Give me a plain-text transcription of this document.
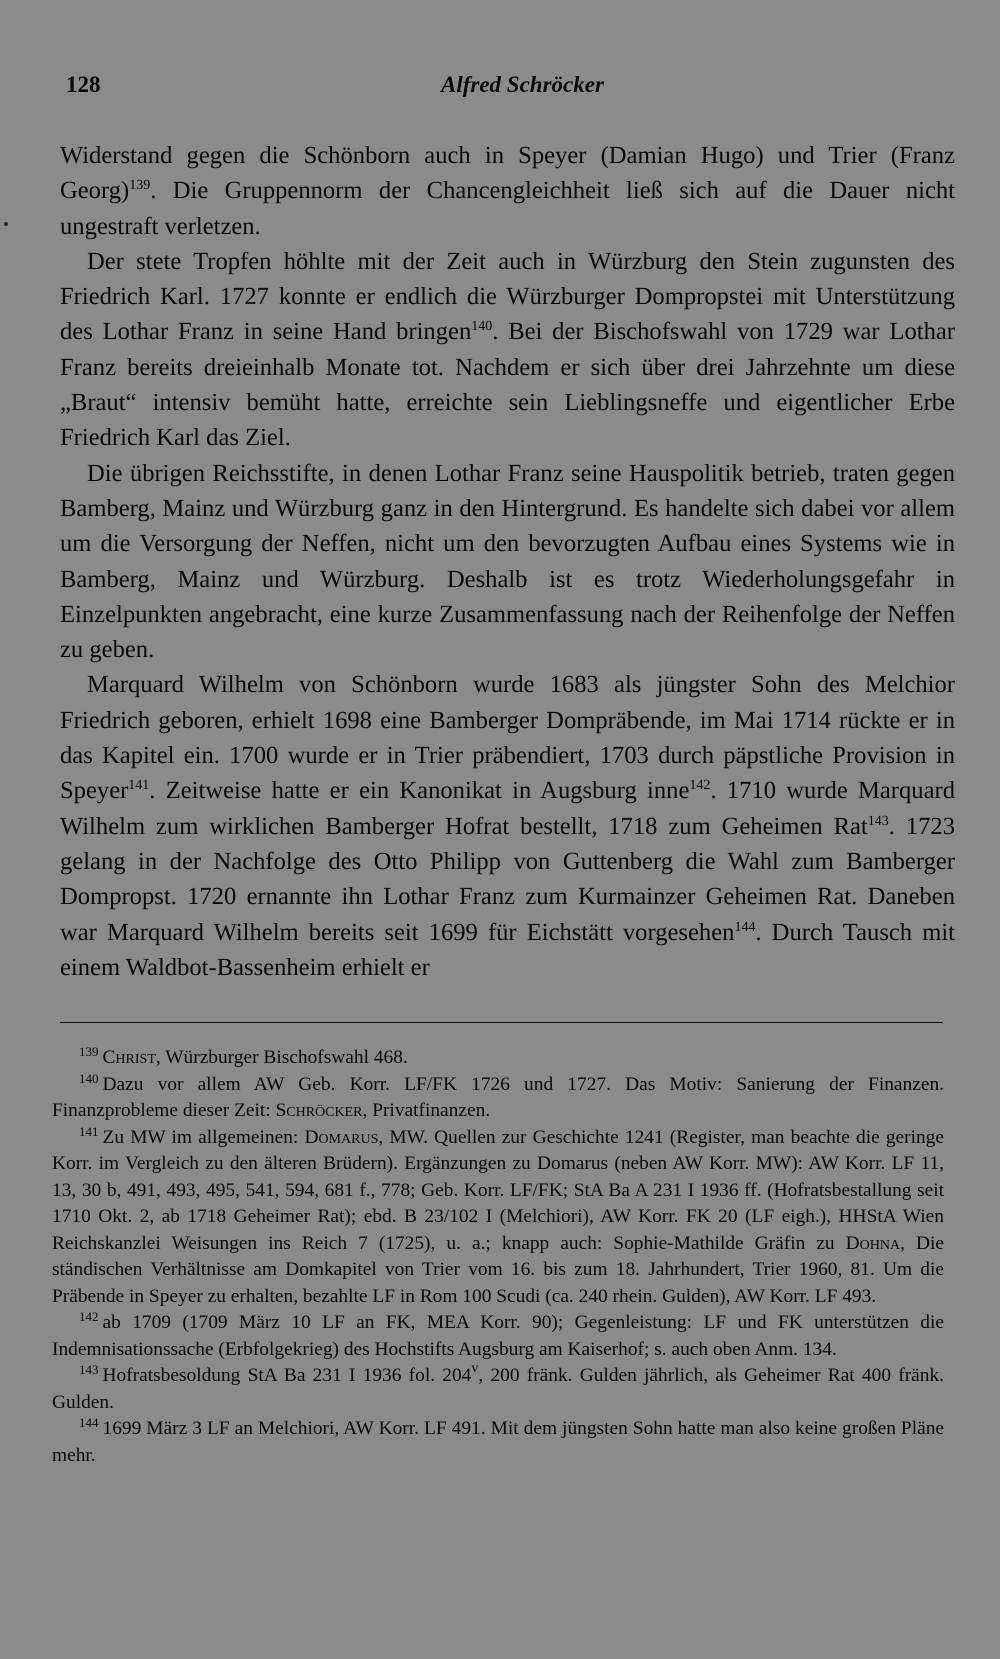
128	Alfred Schröcker

Widerstand gegen die Schönborn auch in Speyer (Damian Hugo) und Trier (Franz Georg)$^{139}$. Die Gruppennorm der Chancengleichheit ließ sich auf die Dauer nicht ungestraft verletzen.

Der stete Tropfen höhlte mit der Zeit auch in Würzburg den Stein zugunsten des Friedrich Karl. 1727 konnte er endlich die Würzburger Dompropstei mit Unterstützung des Lothar Franz in seine Hand bringen$^{140}$. Bei der Bischofswahl von 1729 war Lothar Franz bereits dreieinhalb Monate tot. Nachdem er sich über drei Jahrzehnte um diese „Braut“ intensiv bemüht hatte, erreichte sein Lieblingsneffe und eigentlicher Erbe Friedrich Karl das Ziel.

Die übrigen Reichsstifte, in denen Lothar Franz seine Hauspolitik betrieb, traten gegen Bamberg, Mainz und Würzburg ganz in den Hintergrund. Es handelte sich dabei vor allem um die Versorgung der Neffen, nicht um den bevorzugten Aufbau eines Systems wie in Bamberg, Mainz und Würzburg. Deshalb ist es trotz Wiederholungsgefahr in Einzelpunkten angebracht, eine kurze Zusammenfassung nach der Reihenfolge der Neffen zu geben.

Marquard Wilhelm von Schönborn wurde 1683 als jüngster Sohn des Melchior Friedrich geboren, erhielt 1698 eine Bamberger Dompräbende, im Mai 1714 rückte er in das Kapitel ein. 1700 wurde er in Trier präbendiert, 1703 durch päpstliche Provision in Speyer$^{141}$. Zeitweise hatte er ein Kanonikat in Augsburg inne$^{142}$. 1710 wurde Marquard Wilhelm zum wirklichen Bamberger Hofrat bestellt, 1718 zum Geheimen Rat$^{143}$. 1723 gelang in der Nachfolge des Otto Philipp von Guttenberg die Wahl zum Bamberger Dompropst. 1720 ernannte ihn Lothar Franz zum Kurmainzer Geheimen Rat. Daneben war Marquard Wilhelm bereits seit 1699 für Eichstätt vorgesehen$^{144}$. Durch Tausch mit einem Waldbot-Bassenheim erhielt er

$^{139}$ Christ, Würzburger Bischofswahl 468.

$^{140}$ Dazu vor allem AW Geb. Korr. LF/FK 1726 und 1727. Das Motiv: Sanierung der Finanzen. Finanzprobleme dieser Zeit: Schröcker, Privatfinanzen.

$^{141}$ Zu MW im allgemeinen: Domarus, MW. Quellen zur Geschichte 1241 (Register, man beachte die geringe Korr. im Vergleich zu den älteren Brüdern). Ergänzungen zu Domarus (neben AW Korr. MW): AW Korr. LF 11, 13, 30 b, 491, 493, 495, 541, 594, 681 f., 778; Geb. Korr. LF/FK; StA Ba A 231 I 1936 ff. (Hofratsbestallung seit 1710 Okt. 2, ab 1718 Geheimer Rat); ebd. B 23/102 I (Melchiori), AW Korr. FK 20 (LF eigh.), HHStA Wien Reichskanzlei Weisungen ins Reich 7 (1725), u. a.; knapp auch: Sophie-Mathilde Gräfin zu Dohna, Die ständischen Verhältnisse am Domkapitel von Trier vom 16. bis zum 18. Jahrhundert, Trier 1960, 81. Um die Präbende in Speyer zu erhalten, bezahlte LF in Rom 100 Scudi (ca. 240 rhein. Gulden), AW Korr. LF 493.

$^{142}$ ab 1709 (1709 März 10 LF an FK, MEA Korr. 90); Gegenleistung: LF und FK unterstützen die Indemnisationssache (Erbfolgekrieg) des Hochstifts Augsburg am Kaiserhof; s. auch oben Anm. 134.

$^{143}$ Hofratsbesoldung StA Ba 231 I 1936 fol. 204$^v$, 200 fränk. Gulden jährlich, als Geheimer Rat 400 fränk. Gulden.

$^{144}$ 1699 März 3 LF an Melchiori, AW Korr. LF 491. Mit dem jüngsten Sohn hatte man also keine großen Pläne mehr.
